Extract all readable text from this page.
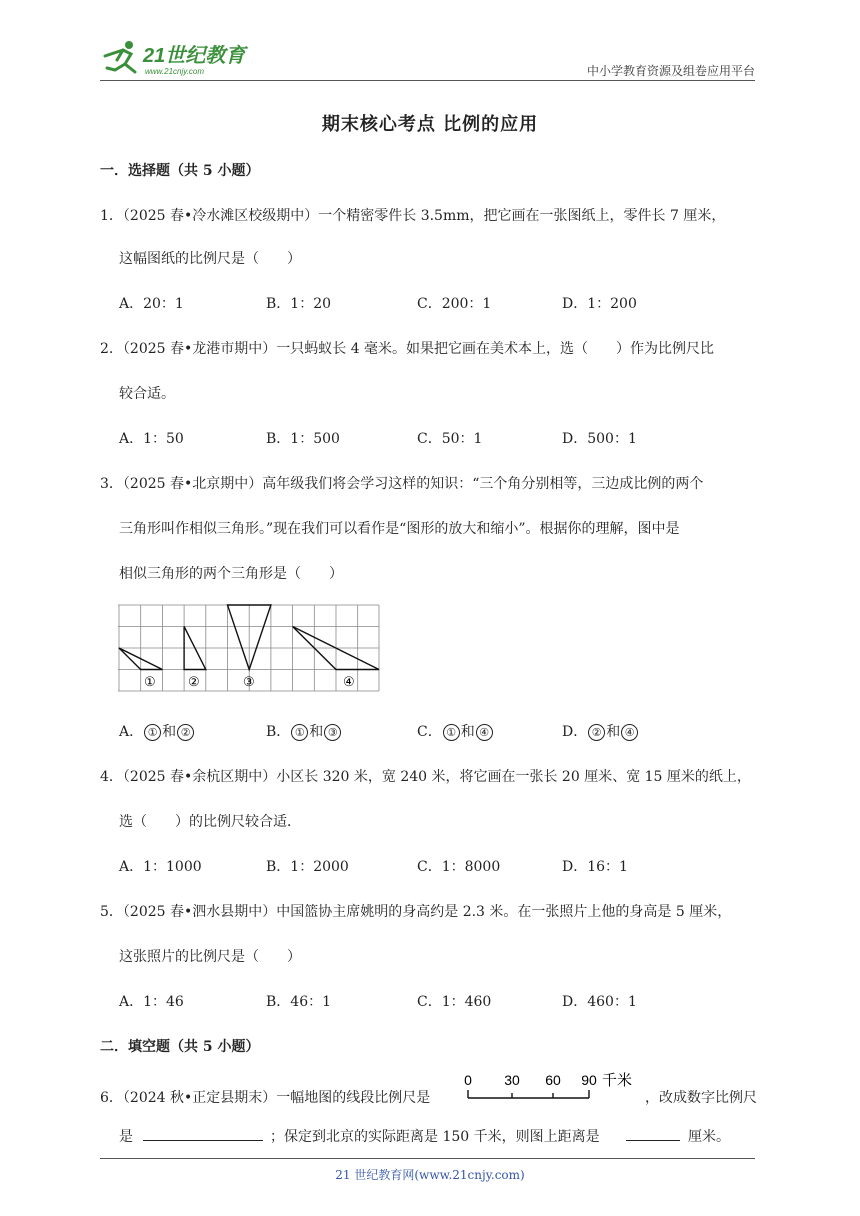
21世纪教育
www.21cnjy.com	中小学教育资源及组卷应用平台
期末核心考点 比例的应用
一．选择题（共 5 小题）
1．（2025 春•冷水滩区校级期中）一个精密零件长 3.5mm，把它画在一张图纸上，零件长 7 厘米，
这幅图纸的比例尺是（　　）
A．20：1	B．1：20	C．200：1	D．1：200
2．（2025 春•龙港市期中）一只蚂蚁长 4 毫米。如果把它画在美术本上，选（　　）作为比例尺比
较合适。
A．1：50	B．1：500	C．50：1	D．500：1
3．（2025 春•北京期中）高年级我们将会学习这样的知识：“三个角分别相等，三边成比例的两个
三角形叫作相似三角形。”现在我们可以看作是“图形的放大和缩小”。根据你的理解，图中是
相似三角形的两个三角形是（　　）
① ②	③	④
A． ① 和 ②	B． ① 和 ③	C． ① 和 ④	D． ② 和 ④
4．（2025 春•余杭区期中）小区长 320 米，宽 240 米，将它画在一张长 20 厘米、宽 15 厘米的纸上，
选（　　）的比例尺较合适．
A．1：1000	B．1：2000	C．1：8000	D．16：1
5．（2025 春•泗水县期中）中国篮协主席姚明的身高约是 2.3 米。在一张照片上他的身高是 5 厘米，
这张照片的比例尺是（　　）
A．1：46	B．46：1	C．1：460	D．460：1
二．填空题（共 5 小题）
6．（2024 秋•正定县期末）一幅地图的线段比例尺是
0 30 60 90 千米
，改成数字比例尺
是	；保定到北京的实际距离是 150 千米，则图上距离是	厘米。
21 世纪教育网(www.21cnjy.com)
